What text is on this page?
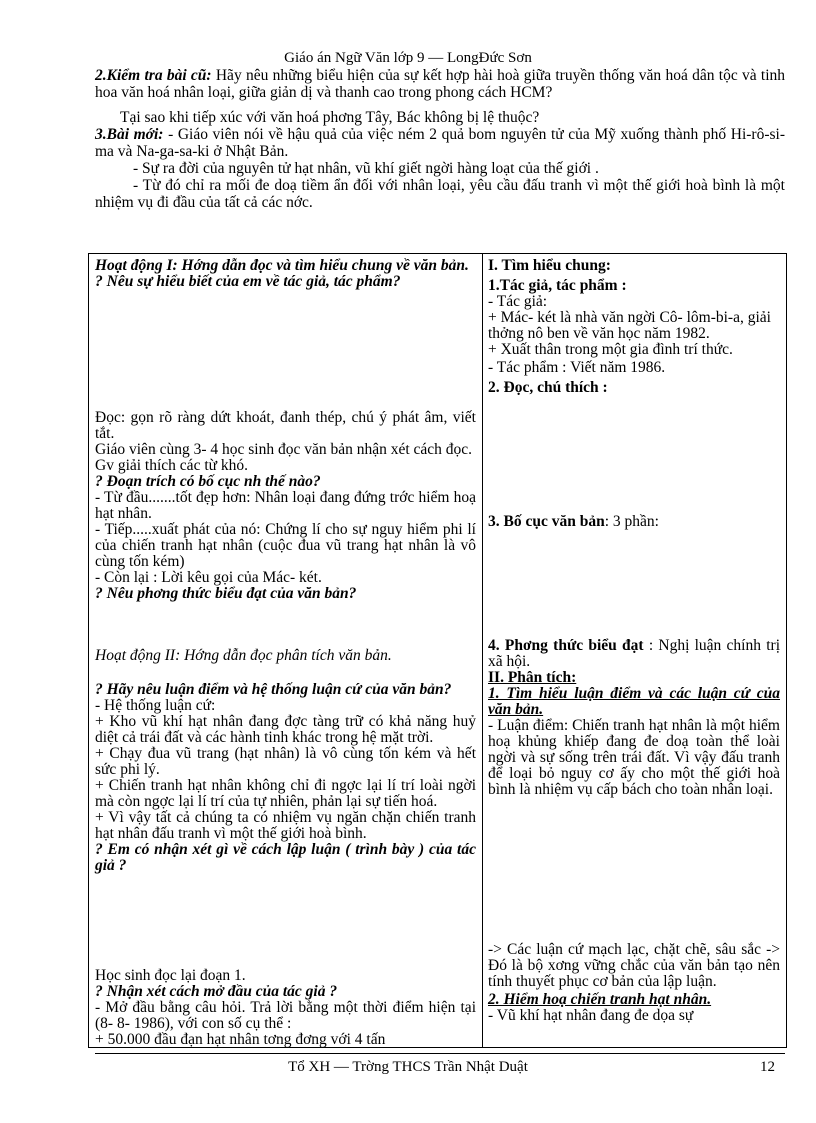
Giáo án Ngữ Văn lớp 9 — LongĐức Sơn

2.Kiểm tra bài cũ: Hãy nêu những biểu hiện của sự kết hợp hài hoà giữa truyền thống văn hoá dân tộc và tinh hoa văn hoá nhân loại, giữa giản dị và thanh cao trong phong cách HCM?

Tại sao khi tiếp xúc với văn hoá phơng Tây, Bác không bị lệ thuộc?

3.Bài mới: - Giáo viên nói về hậu quả của việc ném 2 quả bom nguyên tử của Mỹ xuống thành phố Hi-rô-si-ma và Na-ga-sa-ki ở Nhật Bản.

- Sự ra đời của nguyên tử hạt nhân, vũ khí giết ngời hàng loạt của thế giới .

- Từ đó chỉ ra mối đe doạ tiềm ẩn đối với nhân loại, yêu cầu đấu tranh vì một thế giới hoà bình là một nhiệm vụ đi đầu của tất cả các nớc.

Hoạt động I: Hớng dẫn đọc và tìm hiểu chung về văn bản.

? Nêu sự hiểu biết của em về tác giả, tác phẩm?

Đọc: gọn rõ ràng dứt khoát, đanh thép, chú ý phát âm, viết tắt.

Giáo viên cùng 3- 4 học sinh đọc văn bản nhận xét cách đọc.

Gv giải thích các từ khó.

? Đoạn trích có bố cục nh thế nào?

- Từ đầu.......tốt đẹp hơn: Nhân loại đang đứng trớc hiểm hoạ hạt nhân.

- Tiếp.....xuất phát của nó: Chứng lí cho sự nguy hiểm phi lí của chiến tranh hạt nhân (cuộc đua vũ trang hạt nhân là vô cùng tốn kém)

- Còn lại : Lời kêu gọi của Mác- két.

? Nêu phơng thức biểu đạt của văn bản?

Hoạt động II: Hớng dẫn đọc phân tích văn bản.

? Hãy nêu luận điểm và hệ thống luận cứ của văn bản?

- Hệ thống luận cứ:

+ Kho vũ khí hạt nhân đang đợc tàng trữ có khả năng huỷ diệt cả trái đất và các hành tinh khác trong hệ mặt trời.

+ Chạy đua vũ trang (hạt nhân) là vô cùng tốn kém và hết sức phi lý.

+ Chiến tranh hạt nhân không chỉ đi ngợc lại lí trí loài ngời mà còn ngợc lại lí trí của tự nhiên, phản lại sự tiến hoá.

+ Vì vậy tất cả chúng ta có nhiệm vụ ngăn chặn chiến tranh hạt nhân đấu tranh vì một thế giới hoà bình.

? Em có nhận xét gì về cách lập luận ( trình bày ) của tác giả ?

Học sinh đọc lại đoạn 1.

? Nhận xét cách mở đầu của tác giả ?

- Mở đầu bằng câu hỏi. Trả lời bằng một thời điểm hiện tại (8- 8- 1986), với con số cụ thể :

+ 50.000 đầu đạn hạt nhân tơng đơng với 4 tấn

I. Tìm hiểu chung:

1.Tác giả, tác phẩm :

- Tác giả:

+ Mác- két là nhà văn ngời Cô- lôm-bi-a, giải thởng nô ben về văn học năm 1982.

+ Xuất thân trong một gia đình trí thức.

- Tác phẩm : Viết năm 1986.

2. Đọc, chú thích :

3. Bố cục văn bản: 3 phần:

4. Phơng thức biểu đạt : Nghị luận chính trị xã hội.

II. Phân tích:

1. Tìm hiểu luận điểm và các luận cứ của văn bản.

- Luận điểm: Chiến tranh hạt nhân là một hiểm hoạ khủng khiếp đang đe doạ toàn thể loài ngời và sự sống trên trái đất. Vì vậy đấu tranh để loại bỏ nguy cơ ấy cho một thế giới hoà bình là nhiệm vụ cấp bách cho toàn nhân loại.

-> Các luận cứ mạch lạc, chặt chẽ, sâu sắc -> Đó là bộ xơng vững chắc của văn bản tạo nên tính thuyết phục cơ bản của lập luận.

2. Hiểm hoạ chiến tranh hạt nhân.

- Vũ khí hạt nhân đang đe dọa sự

Tổ XH — Trờng THCS Trần Nhật Duật	12
